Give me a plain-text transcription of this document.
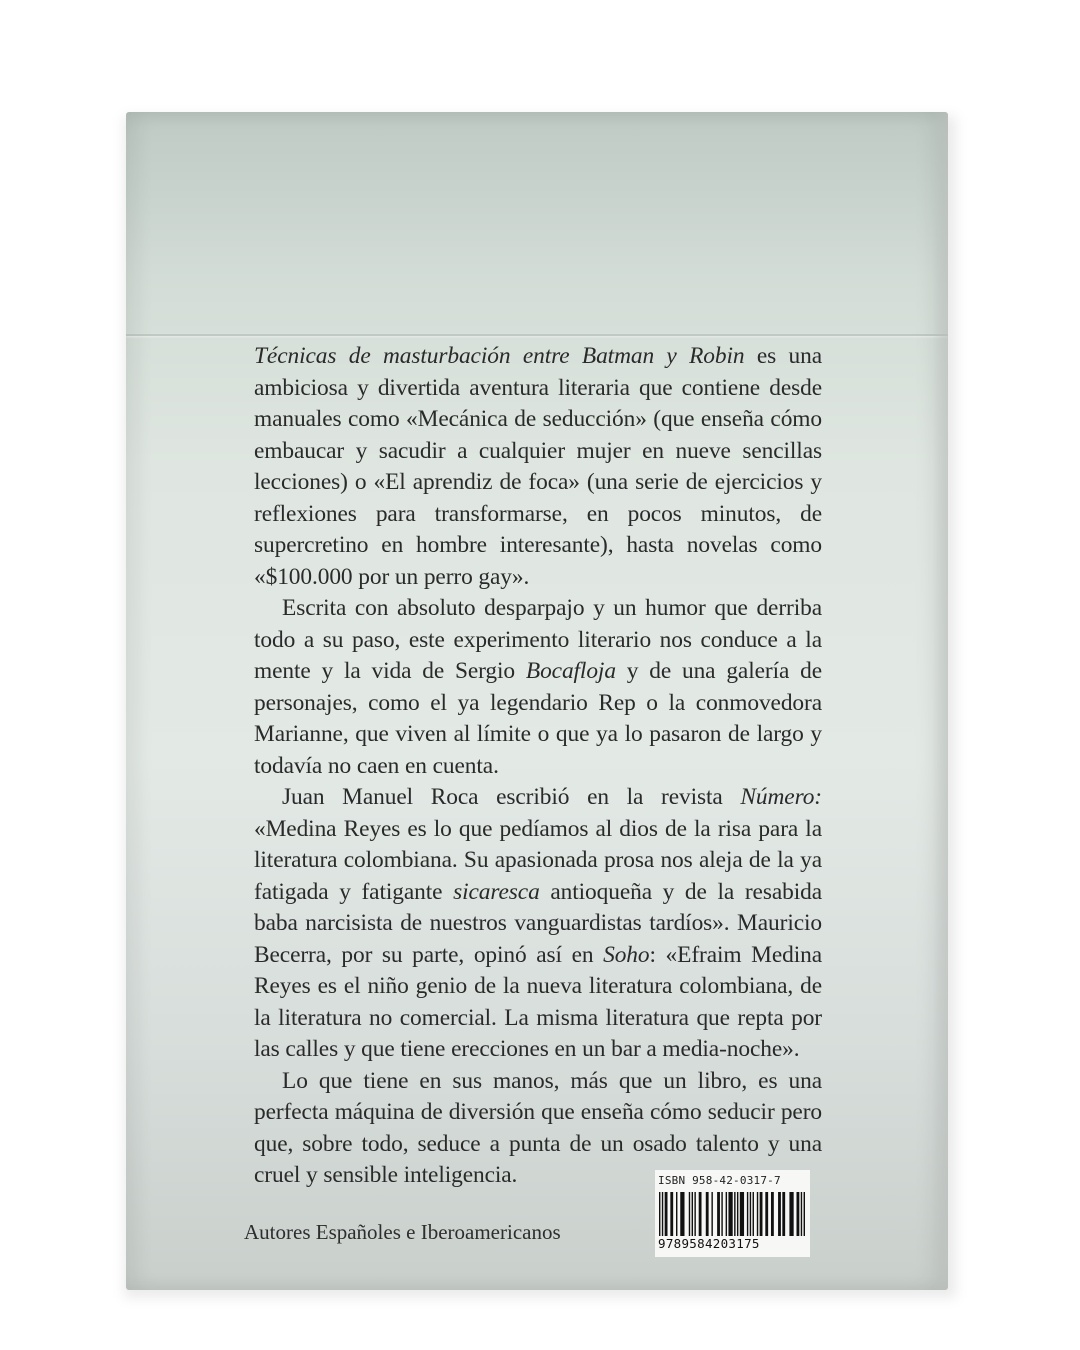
Técnicas de masturbación entre Batman y Robin es una ambiciosa y divertida aventura literaria que contiene desde manuales como «Mecánica de seducción» (que enseña cómo embaucar y sacudir a cualquier mujer en nueve sencillas lecciones) o «El aprendiz de foca» (una serie de ejercicios y reflexiones para transformarse, en pocos minutos, de supercretino en hombre interesante), hasta novelas como «$100.000 por un perro gay».

Escrita con absoluto desparpajo y un humor que derriba todo a su paso, este experimento literario nos conduce a la mente y la vida de Sergio Bocafloja y de una galería de personajes, como el ya legendario Rep o la conmovedora Marianne, que viven al límite o que ya lo pasaron de largo y todavía no caen en cuenta.

Juan Manuel Roca escribió en la revista Número: «Medina Reyes es lo que pedíamos al dios de la risa para la literatura colombiana. Su apasionada prosa nos aleja de la ya fatigada y fatigante sicaresca antioqueña y de la resabida baba narcisista de nuestros vanguardistas tardíos». Mauricio Becerra, por su parte, opinó así en Soho: «Efraim Medina Reyes es el niño genio de la nueva literatura colombiana, de la literatura no comercial. La misma literatura que repta por las calles y que tiene erecciones en un bar a media-noche».

Lo que tiene en sus manos, más que un libro, es una perfecta máquina de diversión que enseña cómo seducir pero que, sobre todo, seduce a punta de un osado talento y una cruel y sensible inteligencia.

Autores Españoles e Iberoamericanos
ISBN 958-42-0317-7
9789584203175
